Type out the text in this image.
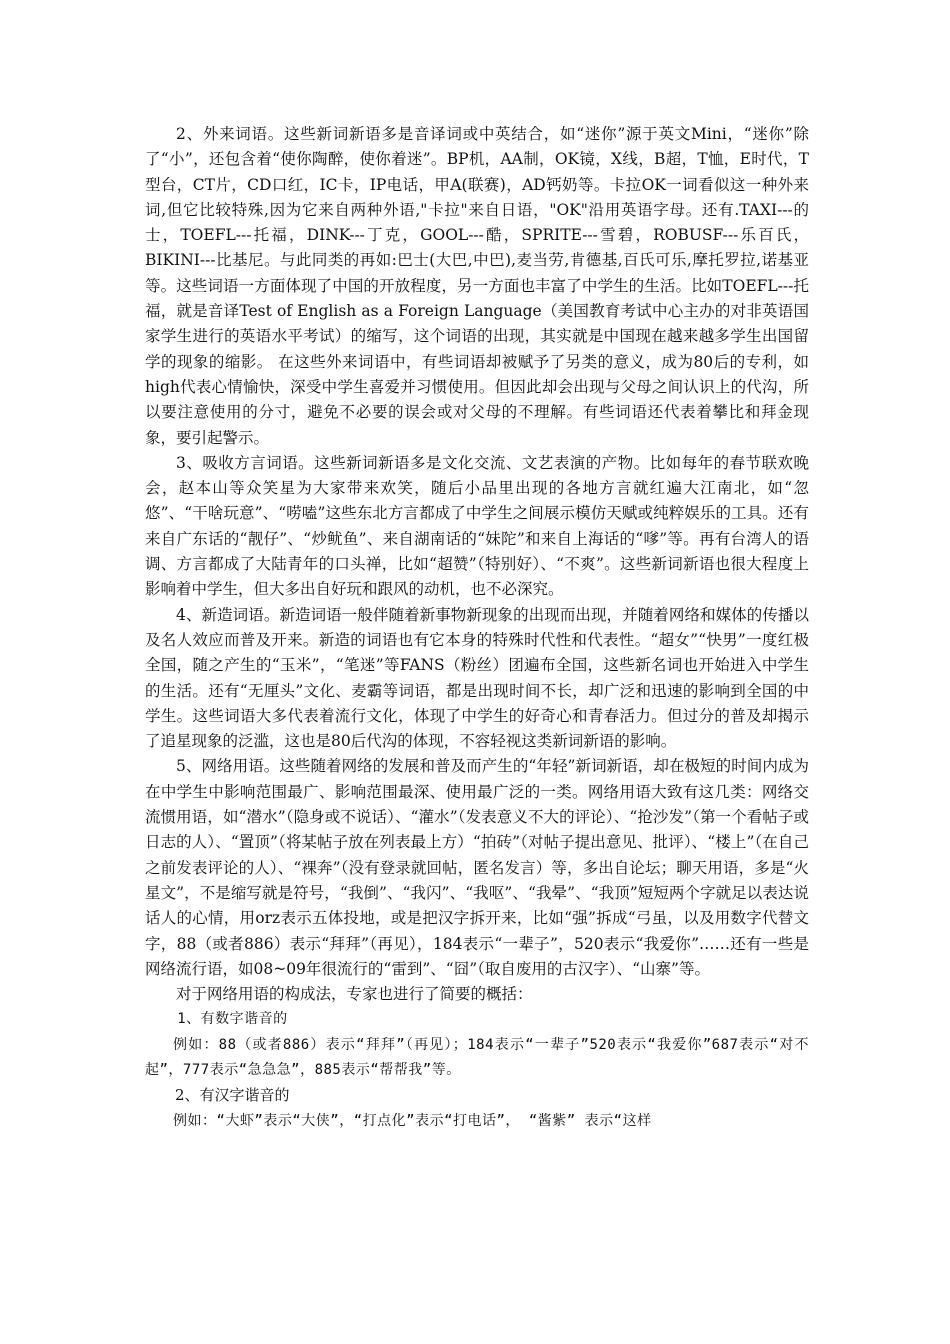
2、外来词语。这些新词新语多是音译词或中英结合，如“迷你”源于英文Mini，“迷你”除了“小”，还包含着“使你陶醉，使你着迷”。BP机，AA制，OK镜，X线，B超，T恤，E时代，T型台，CT片，CD口红，IC卡，IP电话，甲A(联赛)，AD钙奶等。卡拉OK一词看似这一种外来词,但它比较特殊,因为它来自两种外语,"卡拉"来自日语，"OK"沿用英语字母。还有.TAXI---的士，TOEFL---托福，DINK---丁克，GOOL---酷，SPRITE---雪碧，ROBUSF---乐百氏，BIKINI---比基尼。与此同类的再如:巴士(大巴,中巴),麦当劳,肯德基,百氏可乐,摩托罗拉,诺基亚等。这些词语一方面体现了中国的开放程度，另一方面也丰富了中学生的生活。比如TOEFL---托福，就是音译Test of English as a Foreign Language（美国教育考试中心主办的对非英语国家学生进行的英语水平考试）的缩写，这个词语的出现，其实就是中国现在越来越多学生出国留学的现象的缩影。 在这些外来词语中，有些词语却被赋予了另类的意义，成为80后的专利，如high代表心情愉快，深受中学生喜爱并习惯使用。但因此却会出现与父母之间认识上的代沟，所以要注意使用的分寸，避免不必要的误会或对父母的不理解。有些词语还代表着攀比和拜金现象，要引起警示。

3、吸收方言词语。这些新词新语多是文化交流、文艺表演的产物。比如每年的春节联欢晚会，赵本山等众笑星为大家带来欢笑，随后小品里出现的各地方言就红遍大江南北，如“忽悠”、“干啥玩意”、“唠嗑”这些东北方言都成了中学生之间展示模仿天赋或纯粹娱乐的工具。还有来自广东话的“靓仔”、“炒鱿鱼”、来自湖南话的“妹陀”和来自上海话的“嗲”等。再有台湾人的语调、方言都成了大陆青年的口头禅，比如“超赞”（特别好）、“不爽”。这些新词新语也很大程度上影响着中学生，但大多出自好玩和跟风的动机，也不必深究。

4、新造词语。新造词语一般伴随着新事物新现象的出现而出现，并随着网络和媒体的传播以及名人效应而普及开来。新造的词语也有它本身的特殊时代性和代表性。“超女”“快男”一度红极全国，随之产生的“玉米”，“笔迷”等FANS（粉丝）团遍布全国，这些新名词也开始进入中学生的生活。还有“无厘头”文化、麦霸等词语，都是出现时间不长，却广泛和迅速的影响到全国的中学生。这些词语大多代表着流行文化，体现了中学生的好奇心和青春活力。但过分的普及却揭示了追星现象的泛滥，这也是80后代沟的体现，不容轻视这类新词新语的影响。

5、网络用语。这些随着网络的发展和普及而产生的“年轻”新词新语，却在极短的时间内成为在中学生中影响范围最广、影响范围最深、使用最广泛的一类。网络用语大致有这几类：网络交流惯用语，如“潜水”（隐身或不说话）、“灌水”（发表意义不大的评论）、“抢沙发”（第一个看帖子或日志的人）、“置顶”（将某帖子放在列表最上方）“拍砖”（对帖子提出意见、批评）、“楼上”（在自己之前发表评论的人）、“裸奔”（没有登录就回帖，匿名发言）等，多出自论坛；聊天用语，多是“火星文”，不是缩写就是符号，“我倒”、“我闪”、“我呕”、“我晕”、“我顶”短短两个字就足以表达说话人的心情，用orz表示五体投地，或是把汉字拆开来，比如“强”拆成“弓虽，以及用数字代替文字，88（或者886）表示“拜拜”（再见），184表示“一辈子”，520表示“我爱你”……还有一些是网络流行语，如08~09年很流行的“雷到”、“囧”（取自废用的古汉字）、“山寨”等。

对于网络用语的构成法，专家也进行了简要的概括：

1、有数字谐音的

例如：88（或者886）表示“拜拜”（再见）；184表示“一辈子”520表示“我爱你”687表示“对不起”，777表示“急急急”，885表示“帮帮我”等。

2、有汉字谐音的

例如：“大虾”表示“大侠”，“打点化”表示“打电话”， “酱紫” 表示“这样
